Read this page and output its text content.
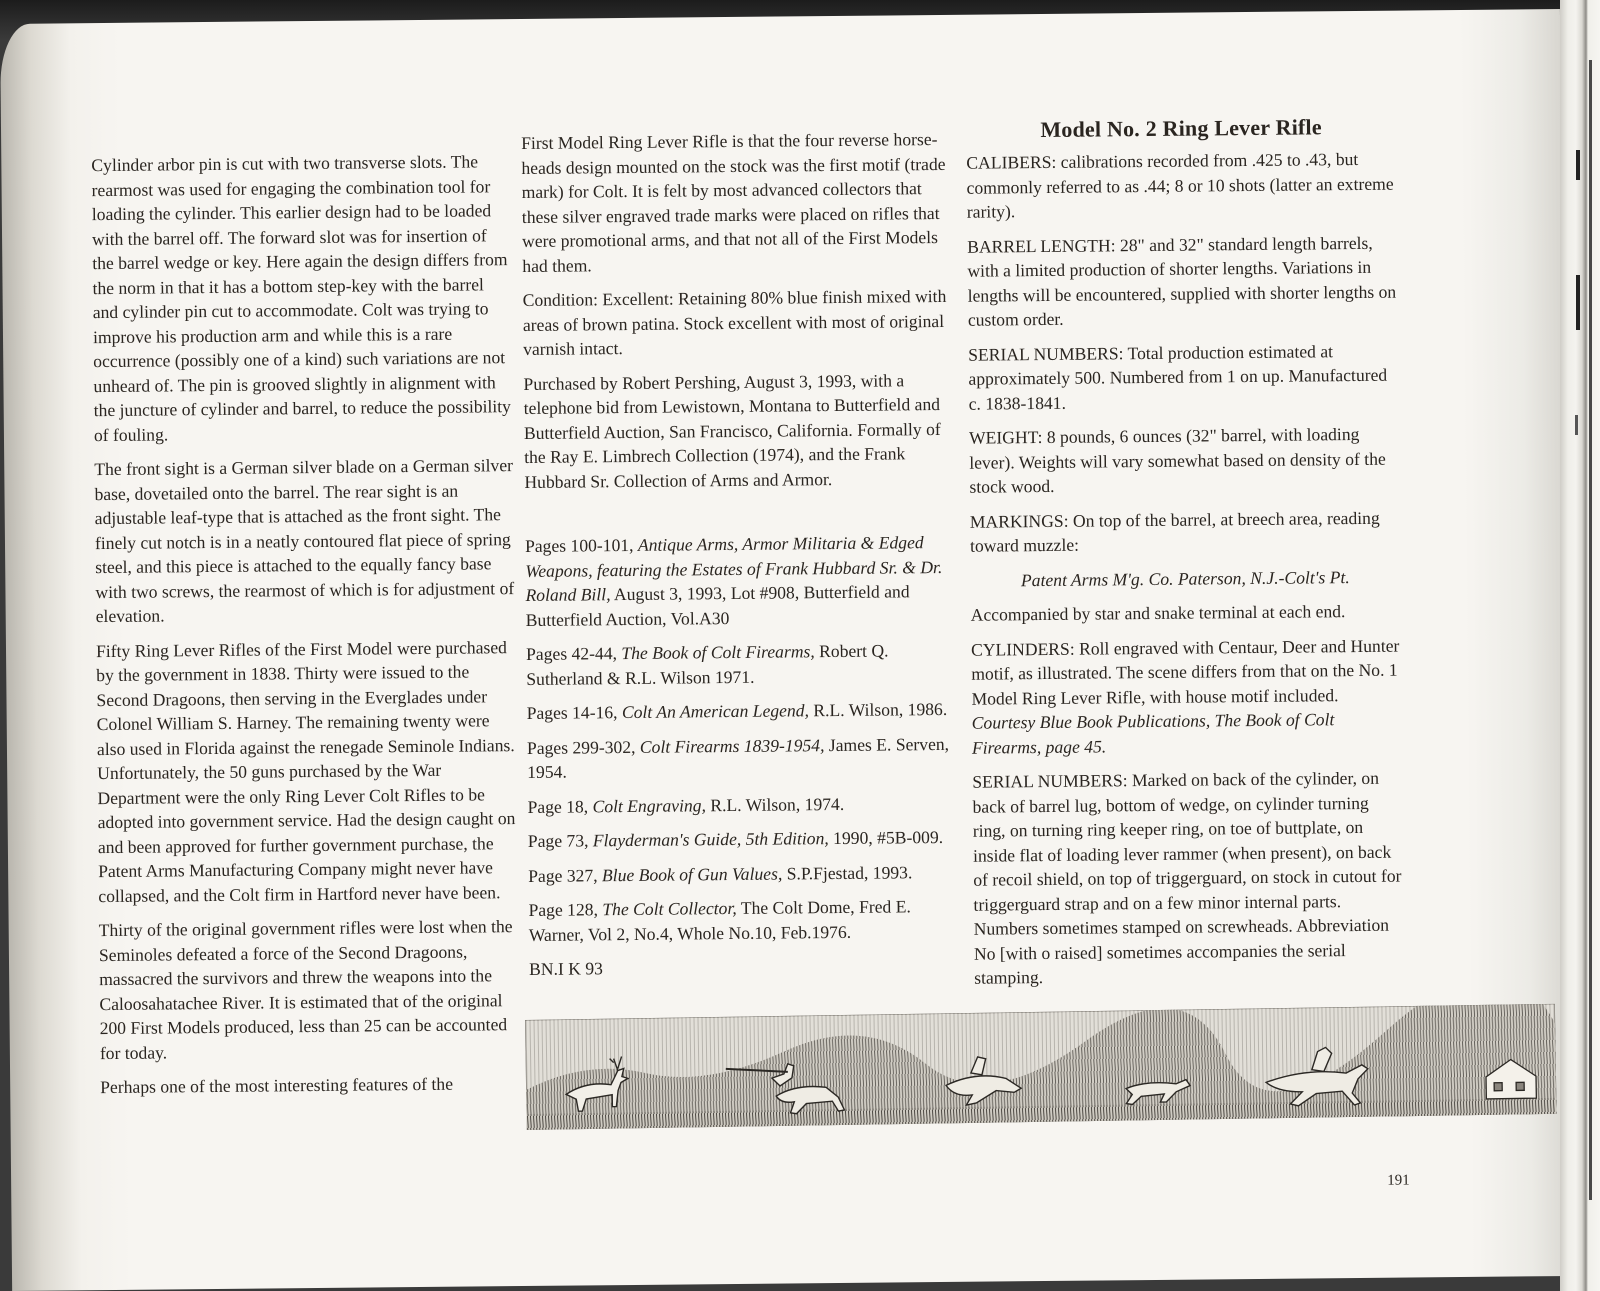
Cylinder arbor pin is cut with two transverse slots. The rearmost was used for engaging the combination tool for loading the cylinder. This earlier design had to be loaded with the barrel off. The forward slot was for insertion of the barrel wedge or key. Here again the design differs from the norm in that it has a bottom step-key with the barrel and cylinder pin cut to accommodate. Colt was trying to improve his production arm and while this is a rare occurrence (possibly one of a kind) such variations are not unheard of. The pin is grooved slightly in alignment with the juncture of cylinder and barrel, to reduce the possibility of fouling.

The front sight is a German silver blade on a German silver base, dovetailed onto the barrel. The rear sight is an adjustable leaf-type that is attached as the front sight. The finely cut notch is in a neatly contoured flat piece of spring steel, and this piece is attached to the equally fancy base with two screws, the rearmost of which is for adjustment of elevation.

Fifty Ring Lever Rifles of the First Model were purchased by the government in 1838. Thirty were issued to the Second Dragoons, then serving in the Everglades under Colonel William S. Harney. The remaining twenty were also used in Florida against the renegade Seminole Indians. Unfortunately, the 50 guns purchased by the War Department were the only Ring Lever Colt Rifles to be adopted into government service. Had the design caught on and been approved for further government purchase, the Patent Arms Manufacturing Company might never have collapsed, and the Colt firm in Hartford never have been.

Thirty of the original government rifles were lost when the Seminoles defeated a force of the Second Dragoons, massacred the survivors and threw the weapons into the Caloosahatachee River. It is estimated that of the original 200 First Models produced, less than 25 can be accounted for today.

Perhaps one of the most interesting features of the

First Model Ring Lever Rifle is that the four reverse horse-heads design mounted on the stock was the first motif (trade mark) for Colt. It is felt by most advanced collectors that these silver engraved trade marks were placed on rifles that were promotional arms, and that not all of the First Models had them.

Condition: Excellent: Retaining 80% blue finish mixed with areas of brown patina. Stock excellent with most of original varnish intact.

Purchased by Robert Pershing, August 3, 1993, with a telephone bid from Lewistown, Montana to Butterfield and Butterfield Auction, San Francisco, California. Formally of the Ray E. Limbrech Collection (1974), and the Frank Hubbard Sr. Collection of Arms and Armor.

Pages 100-101, Antique Arms, Armor Militaria & Edged Weapons, featuring the Estates of Frank Hubbard Sr. & Dr. Roland Bill, August 3, 1993, Lot #908, Butterfield and Butterfield Auction, Vol.A30

Pages 42-44, The Book of Colt Firearms, Robert Q. Sutherland & R.L. Wilson 1971.

Pages 14-16, Colt An American Legend, R.L. Wilson, 1986.

Pages 299-302, Colt Firearms 1839-1954, James E. Serven, 1954.

Page 18, Colt Engraving, R.L. Wilson, 1974.

Page 73, Flayderman's Guide, 5th Edition, 1990, #5B-009.

Page 327, Blue Book of Gun Values, S.P.Fjestad, 1993.

Page 128, The Colt Collector, The Colt Dome, Fred E. Warner, Vol 2, No.4, Whole No.10, Feb.1976.

BN.I K 93

Model No. 2 Ring Lever Rifle

CALIBERS: calibrations recorded from .425 to .43, but commonly referred to as .44; 8 or 10 shots (latter an extreme rarity).

BARREL LENGTH: 28" and 32" standard length barrels, with a limited production of shorter lengths. Variations in lengths will be encountered, supplied with shorter lengths on custom order.

SERIAL NUMBERS: Total production estimated at approximately 500. Numbered from 1 on up. Manufactured c. 1838-1841.

WEIGHT: 8 pounds, 6 ounces (32" barrel, with loading lever). Weights will vary somewhat based on density of the stock wood.

MARKINGS: On top of the barrel, at breech area, reading toward muzzle:

Patent Arms M'g. Co. Paterson, N.J.-Colt's Pt.

Accompanied by star and snake terminal at each end.

CYLINDERS: Roll engraved with Centaur, Deer and Hunter motif, as illustrated. The scene differs from that on the No. 1 Model Ring Lever Rifle, with house motif included. Courtesy Blue Book Publications, The Book of Colt Firearms, page 45.

SERIAL NUMBERS: Marked on back of the cylinder, on back of barrel lug, bottom of wedge, on cylinder turning ring, on turning ring keeper ring, on toe of buttplate, on inside flat of loading lever rammer (when present), on back of recoil shield, on top of triggerguard, on stock in cutout for triggerguard strap and on a few minor internal parts. Numbers sometimes stamped on screwheads. Abbreviation No [with o raised] sometimes accompanies the serial stamping.

191
